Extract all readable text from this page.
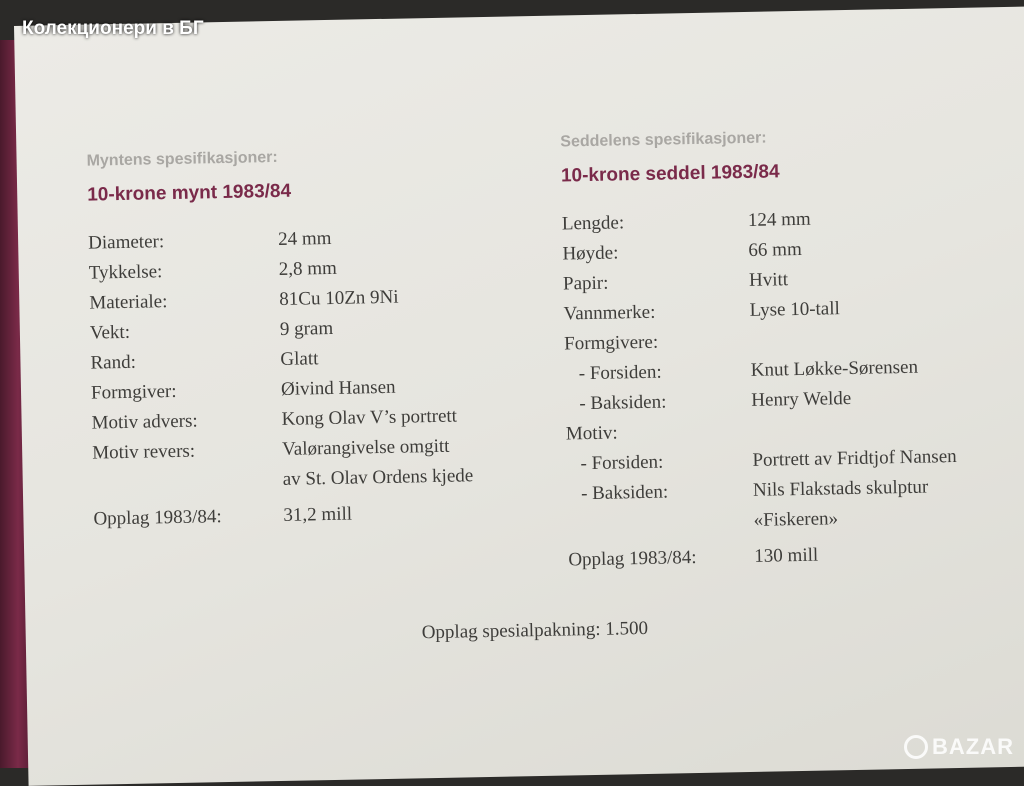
Myntens spesifikasjoner:
10-krone mynt 1983/84
Diameter:	24 mm
Tykkelse:	2,8 mm
Materiale:	81Cu 10Zn 9Ni
Vekt:	9 gram
Rand:	Glatt
Formgiver:	Øivind Hansen
Motiv advers:	Kong Olav V’s portrett
Motiv revers:	Valørangivelse omgitt
av St. Olav Ordens kjede
Opplag 1983/84:	31,2 mill
Seddelens spesifikasjoner:
10-krone seddel 1983/84
Lengde:	124 mm
Høyde:	66 mm
Papir:	Hvitt
Vannmerke:	Lyse 10-tall
Formgivere:
- Forsiden:	Knut Løkke-Sørensen
- Baksiden:	Henry Welde
Motiv:
- Forsiden:	Portrett av Fridtjof Nansen
- Baksiden:	Nils Flakstads skulptur
«Fiskeren»
Opplag 1983/84:	130 mill
Opplag spesialpakning: 1.500
Колекционери в БГ
BAZAR
